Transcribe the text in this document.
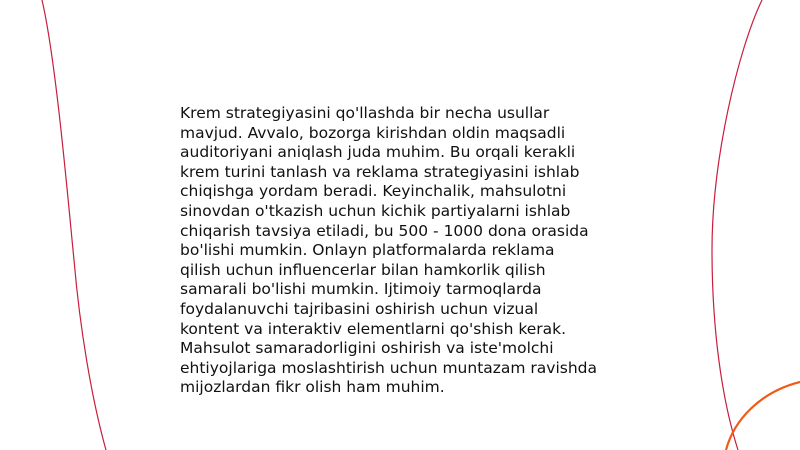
Krem strategiyasini qo'llashda bir necha usullar
mavjud. Avvalo, bozorga kirishdan oldin maqsadli
auditoriyani aniqlash juda muhim. Bu orqali kerakli
krem turini tanlash va reklama strategiyasini ishlab
chiqishga yordam beradi. Keyinchalik, mahsulotni
sinovdan o'tkazish uchun kichik partiyalarni ishlab
chiqarish tavsiya etiladi, bu 500 - 1000 dona orasida
bo'lishi mumkin. Onlayn platformalarda reklama
qilish uchun influencerlar bilan hamkorlik qilish
samarali bo'lishi mumkin. Ijtimoiy tarmoqlarda
foydalanuvchi tajribasini oshirish uchun vizual
kontent va interaktiv elementlarni qo'shish kerak.
Mahsulot samaradorligini oshirish va iste'molchi
ehtiyojlariga moslashtirish uchun muntazam ravishda
mijozlardan fikr olish ham muhim.
